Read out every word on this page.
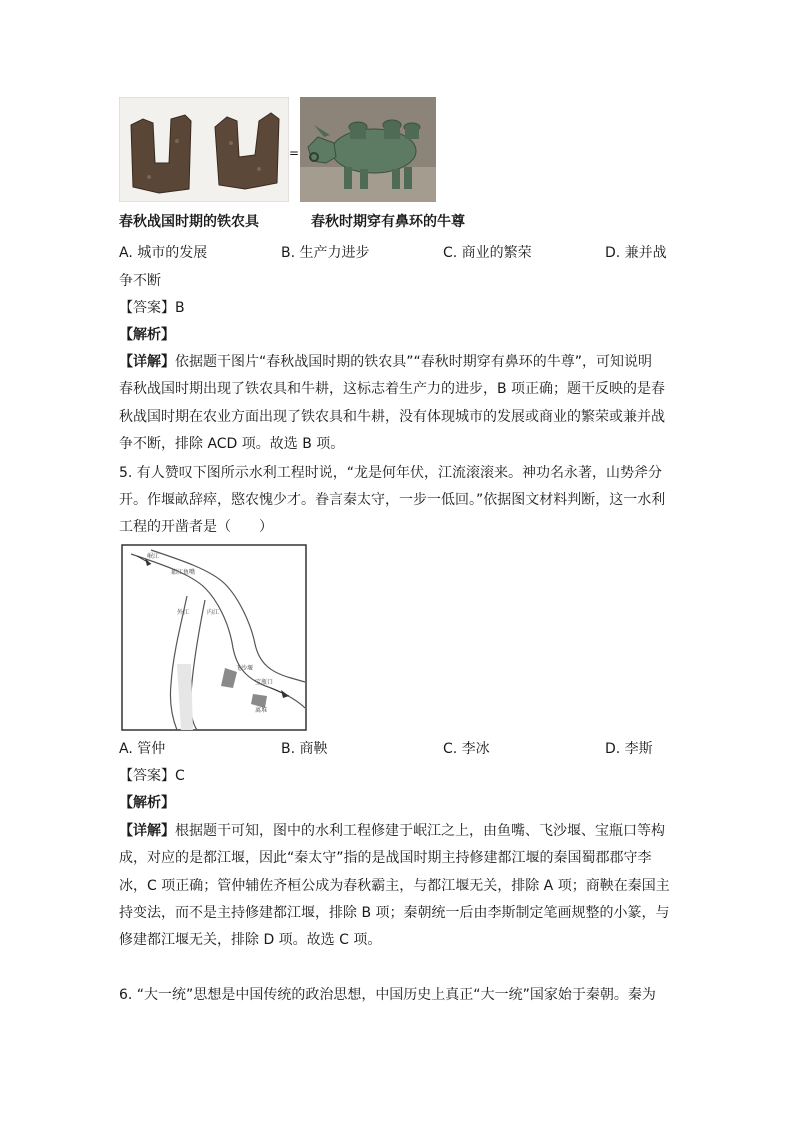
=
春秋战国时期的铁农具	春秋时期穿有鼻环的牛尊
A. 城市的发展	B. 生产力进步	C. 商业的繁荣	D. 兼并战
争不断
【答案】B
【解析】
【详解】依据题干图片“春秋战国时期的铁农具”“春秋时期穿有鼻环的牛尊”，可知说明
春秋战国时期出现了铁农具和牛耕，这标志着生产力的进步，B 项正确；题干反映的是春
秋战国时期在农业方面出现了铁农具和牛耕，没有体现城市的发展或商业的繁荣或兼并战
争不断，排除 ACD 项。故选 B 项。
5. 有人赞叹下图所示水利工程时说，“龙是何年伏，江流滚滚来。神功名永著，山势斧分
开。作堰畝辞瘁，愍农愧少才。眷言秦太守，一步一低回。”依据图文材料判断，这一水利
工程的开凿者是（　　）
岷江
都江鱼嘴
外江	内江
飞沙堰
宝瓶口
离堆
A. 管仲	B. 商鞅	C. 李冰	D. 李斯
【答案】C
【解析】
【详解】根据题干可知，图中的水利工程修建于岷江之上，由鱼嘴、飞沙堰、宝瓶口等构
成，对应的是都江堰，因此“秦太守”指的是战国时期主持修建都江堰的秦国蜀郡郡守李
冰，C 项正确；管仲辅佐齐桓公成为春秋霸主，与都江堰无关，排除 A 项；商鞅在秦国主
持变法，而不是主持修建都江堰，排除 B 项；秦朝统一后由李斯制定笔画规整的小篆，与
修建都江堰无关，排除 D 项。故选 C 项。
6. “大一统”思想是中国传统的政治思想，中国历史上真正“大一统”国家始于秦朝。秦为
